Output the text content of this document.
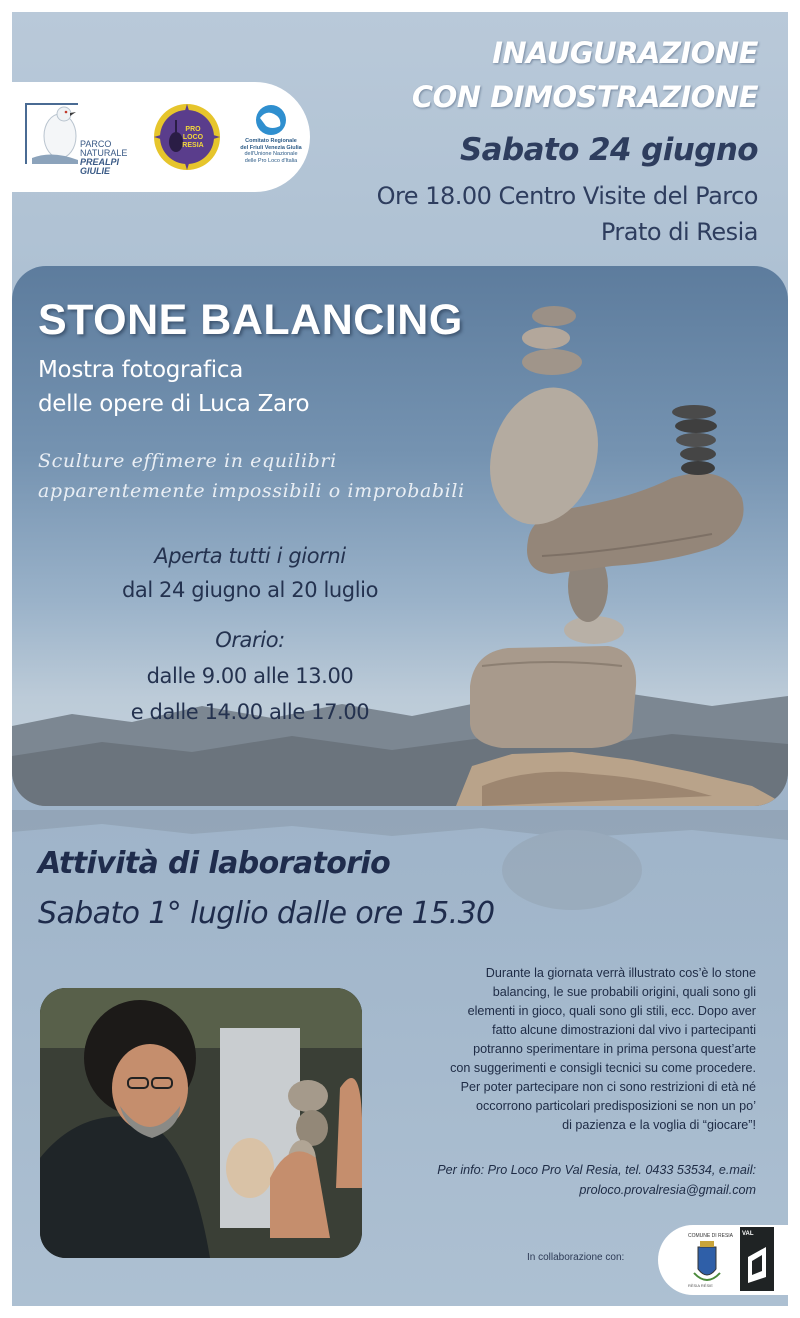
PARCO
NATURALE
PREALPI
GIULIE
PRO
LOCO
RESIA
Comitato Regionale
del Friuli Venezia Giulia
dell'Unione Nazionale
delle Pro Loco d'Italia
INAUGURAZIONE
CON DIMOSTRAZIONE
Sabato 24 giugno
Ore 18.00 Centro Visite del Parco
Prato di Resia
STONE BALANCING
Mostra fotografica
delle opere di Luca Zaro
Sculture effimere in equilibri
apparentemente impossibili o improbabili
Aperta tutti i giorni
dal 24 giugno al 20 luglio
Orario:
dalle 9.00 alle 13.00
e dalle 14.00 alle 17.00
Attività di laboratorio
Sabato 1° luglio dalle ore 15.30
Durante la giornata verrà illustrato cos’è lo stone
balancing, le sue probabili origini, quali sono gli
elementi in gioco, quali sono gli stili, ecc. Dopo aver
fatto alcune dimostrazioni dal vivo i partecipanti
potranno sperimentare in prima persona quest’arte
con suggerimenti e consigli tecnici su come procedere.
Per poter partecipare non ci sono restrizioni di età né
occorrono particolari predisposizioni se non un po’
di pazienza e la voglia di “giocare”!
Per info: Pro Loco Pro Val Resia, tel. 0433 53534, e.mail:
proloco.provalresia@gmail.com
In collaborazione con:
COMUNE DI RESIA
RÈSIA RÉSIE
VAL
